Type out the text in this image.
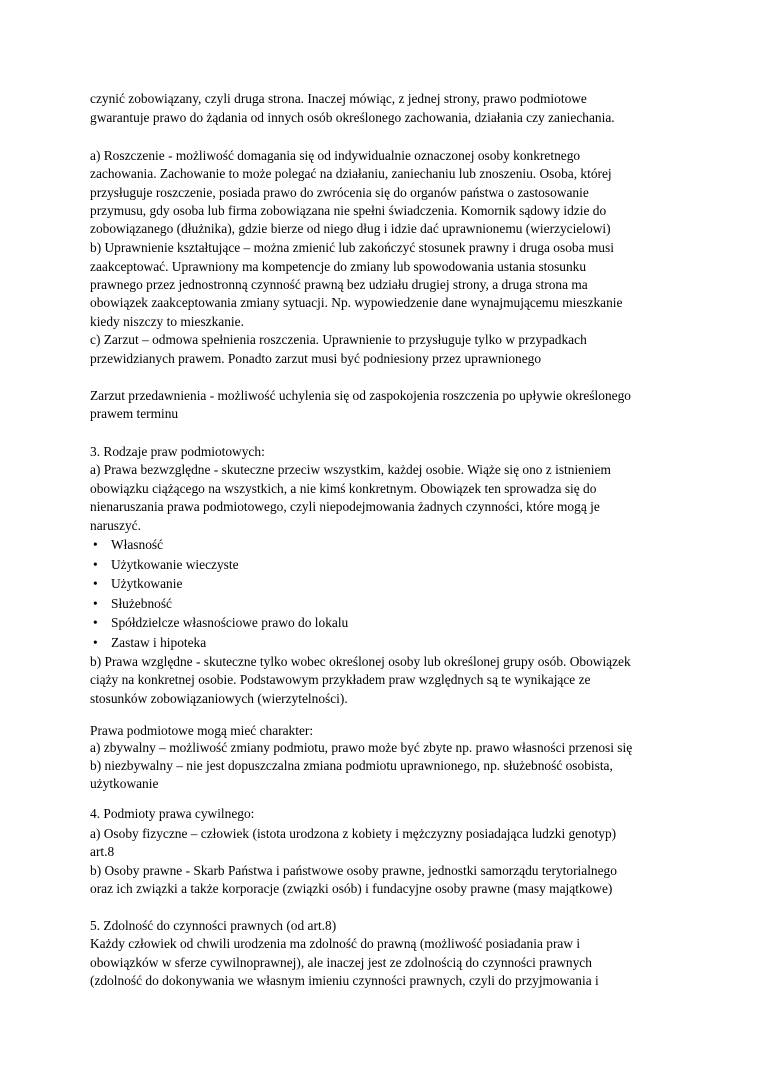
czynić zobowiązany, czyli druga strona. Inaczej mówiąc, z jednej strony, prawo podmiotowe
gwarantuje prawo do żądania od innych osób określonego zachowania, działania czy zaniechania.
a) Roszczenie - możliwość domagania się od indywidualnie oznaczonej osoby konkretnego
zachowania. Zachowanie to może polegać na działaniu, zaniechaniu lub znoszeniu. Osoba, której
przysługuje roszczenie, posiada prawo do zwrócenia się do organów państwa o zastosowanie
przymusu, gdy osoba lub firma zobowiązana nie spełni świadczenia. Komornik sądowy idzie do
zobowiązanego (dłużnika), gdzie bierze od niego dług i idzie dać uprawnionemu (wierzycielowi)
b) Uprawnienie kształtujące – można zmienić lub zakończyć stosunek prawny i druga osoba musi
zaakceptować. Uprawniony ma kompetencje do zmiany lub spowodowania ustania stosunku
prawnego przez jednostronną czynność prawną bez udziału drugiej strony, a druga strona ma
obowiązek zaakceptowania zmiany sytuacji. Np. wypowiedzenie dane wynajmującemu mieszkanie
kiedy niszczy to mieszkanie.
c) Zarzut – odmowa spełnienia roszczenia. Uprawnienie to przysługuje tylko w przypadkach
przewidzianych prawem. Ponadto zarzut musi być podniesiony przez uprawnionego
Zarzut przedawnienia - możliwość uchylenia się od zaspokojenia roszczenia po upływie określonego
prawem terminu
3. Rodzaje praw podmiotowych:
a) Prawa bezwzględne - skuteczne przeciw wszystkim, każdej osobie. Wiąże się ono z istnieniem
obowiązku ciążącego na wszystkich, a nie kimś konkretnym. Obowiązek ten sprowadza się do
nienaruszania prawa podmiotowego, czyli niepodejmowania żadnych czynności, które mogą je
naruszyć.
• Własność
• Użytkowanie wieczyste
• Użytkowanie
• Służebność
• Spółdzielcze własnościowe prawo do lokalu
• Zastaw i hipoteka
b) Prawa względne - skuteczne tylko wobec określonej osoby lub określonej grupy osób. Obowiązek
ciąży na konkretnej osobie. Podstawowym przykładem praw względnych są te wynikające ze
stosunków zobowiązaniowych (wierzytelności).
Prawa podmiotowe mogą mieć charakter:
a) zbywalny – możliwość zmiany podmiotu, prawo może być zbyte np. prawo własności przenosi się
b) niezbywalny – nie jest dopuszczalna zmiana podmiotu uprawnionego, np. służebność osobista,
użytkowanie
4. Podmioty prawa cywilnego:
a) Osoby fizyczne – człowiek (istota urodzona z kobiety i mężczyzny posiadająca ludzki genotyp)
art.8
b) Osoby prawne - Skarb Państwa i państwowe osoby prawne, jednostki samorządu terytorialnego
oraz ich związki a także korporacje (związki osób) i fundacyjne osoby prawne (masy majątkowe)
5. Zdolność do czynności prawnych (od art.8)
Każdy człowiek od chwili urodzenia ma zdolność do prawną (możliwość posiadania praw i
obowiązków w sferze cywilnoprawnej), ale inaczej jest ze zdolnością do czynności prawnych
(zdolność do dokonywania we własnym imieniu czynności prawnych, czyli do przyjmowania i
